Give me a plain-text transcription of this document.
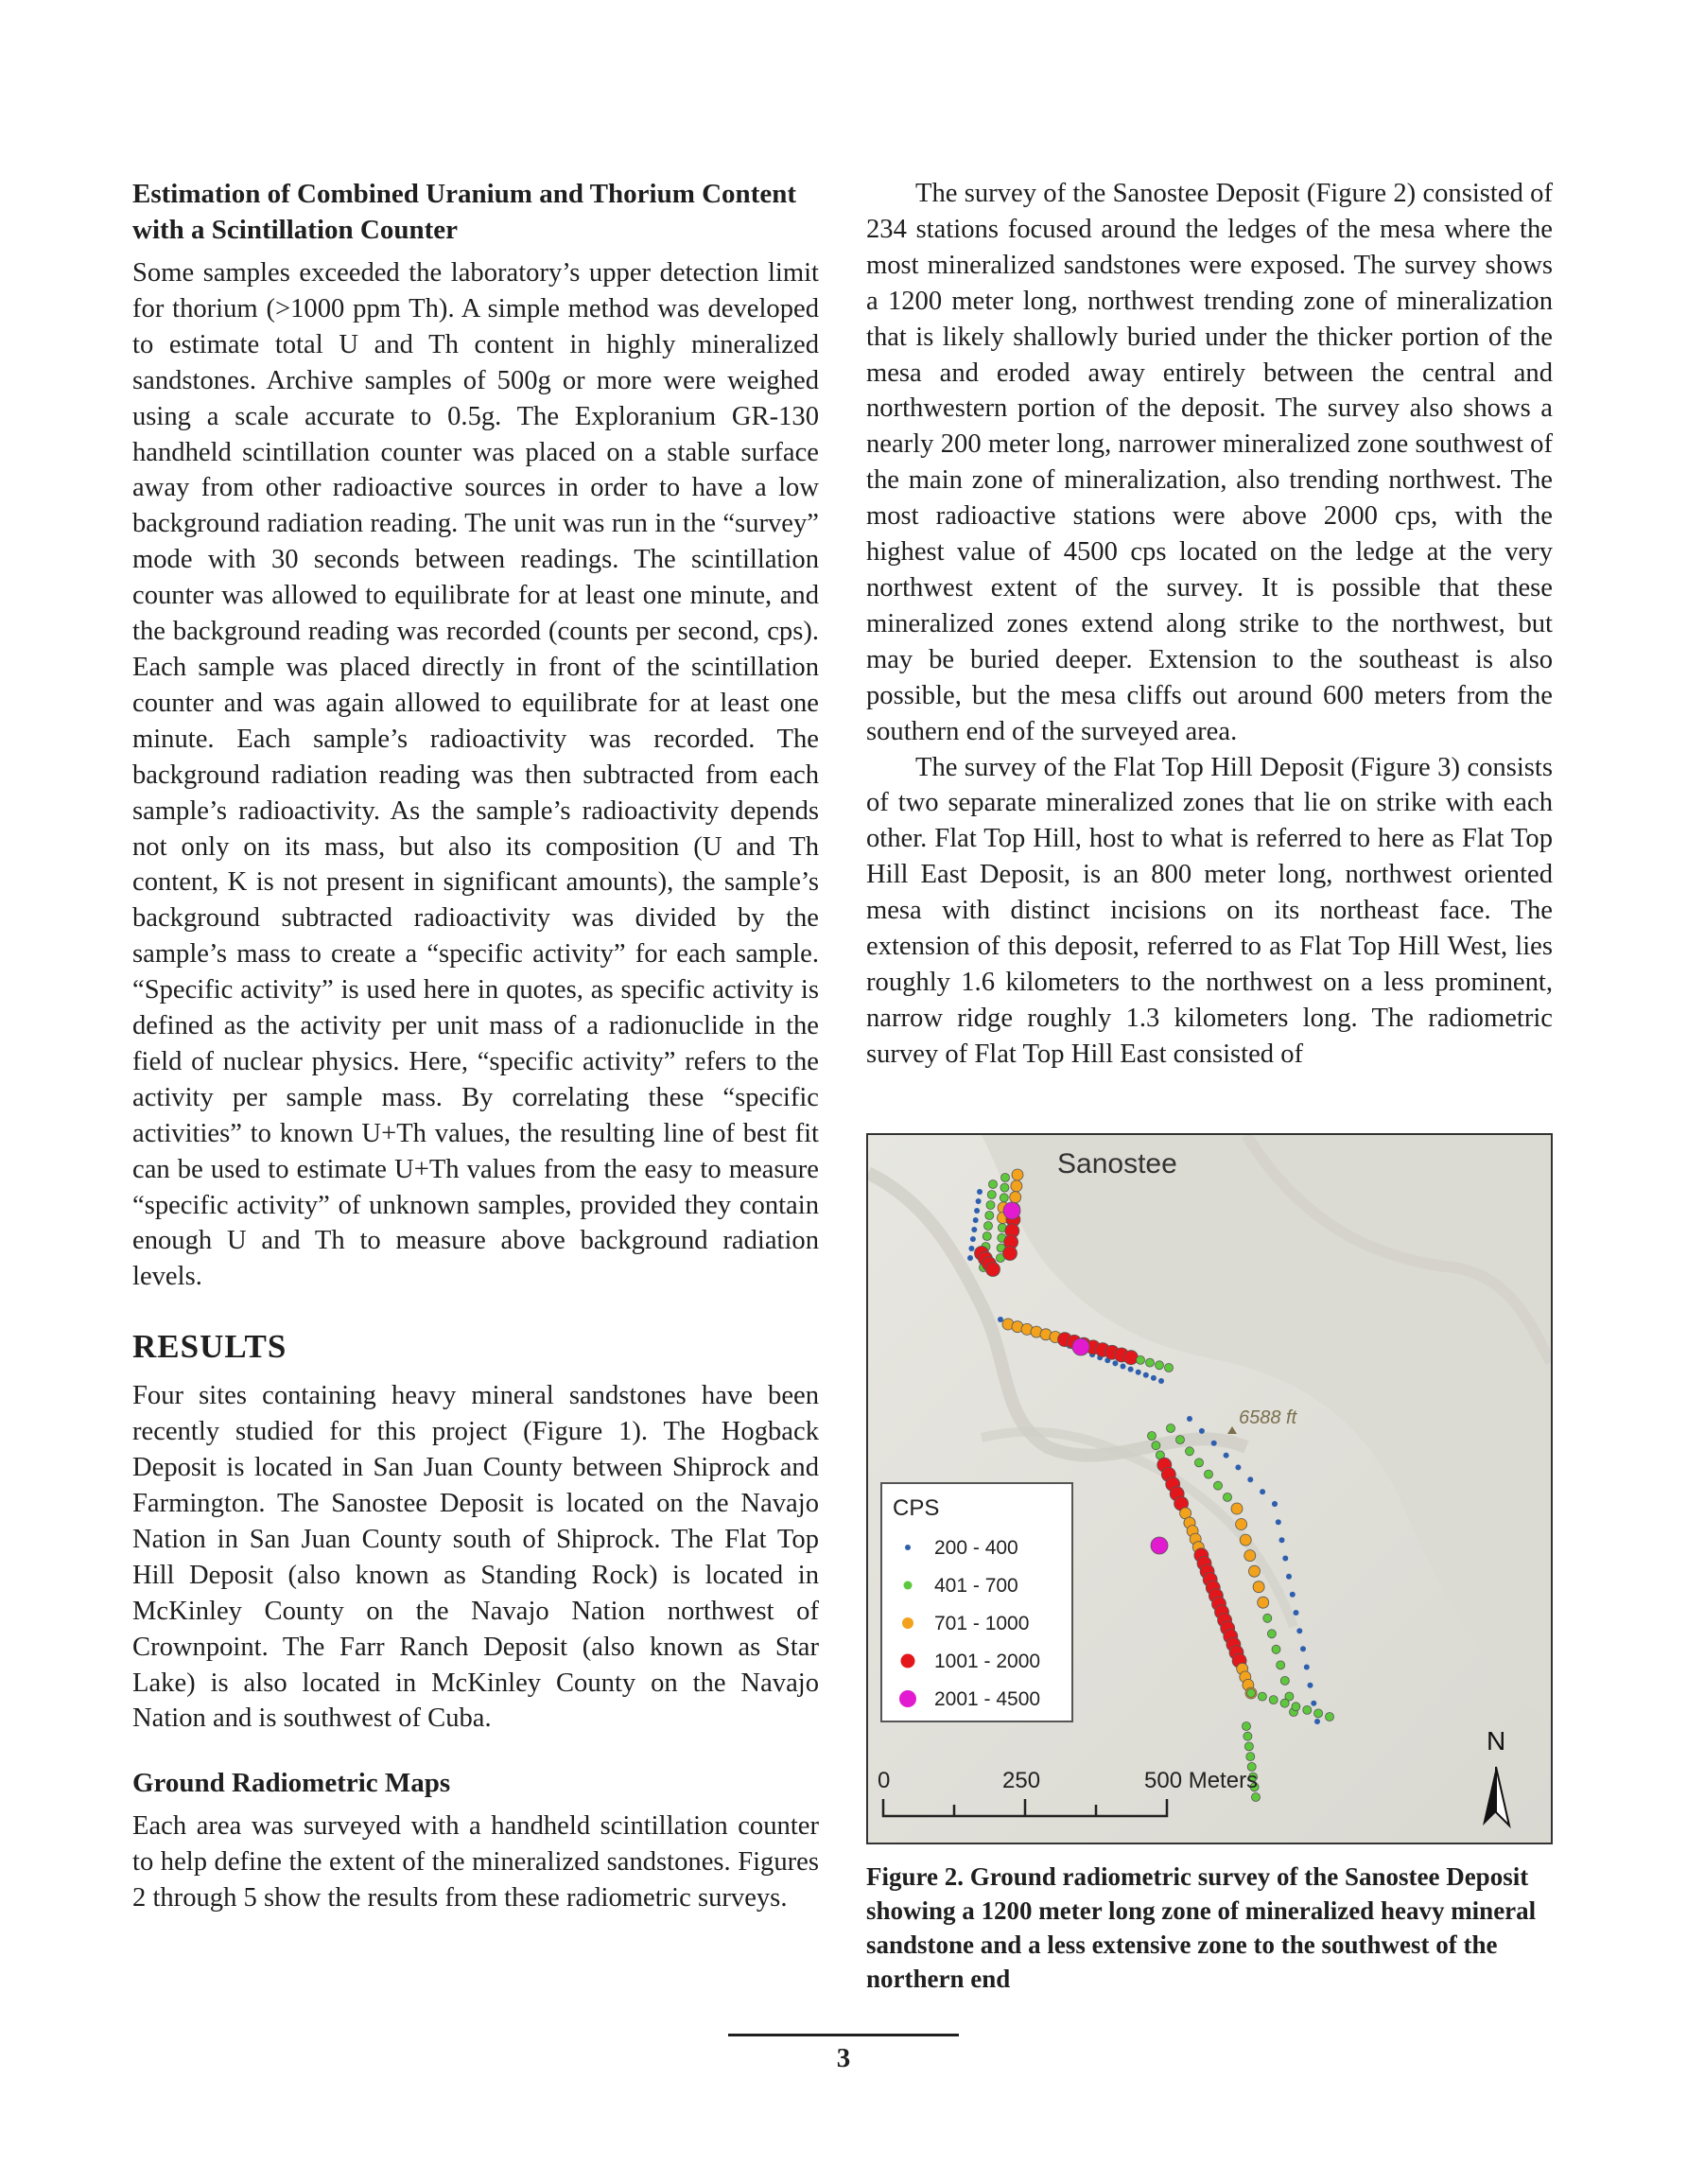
Estimation of Combined Uranium and Thorium Content with a Scintillation Counter

Some samples exceeded the laboratory’s upper detection limit for thorium (>1000 ppm Th). A simple method was developed to estimate total U and Th content in highly mineralized sandstones. Archive samples of 500g or more were weighed using a scale accurate to 0.5g. The Exploranium GR-130 handheld scintillation counter was placed on a stable surface away from other radioactive sources in order to have a low background radiation reading. The unit was run in the “survey” mode with 30 seconds between readings. The scintillation counter was allowed to equilibrate for at least one minute, and the background reading was recorded (counts per second, cps). Each sample was placed directly in front of the scintillation counter and was again allowed to equilibrate for at least one minute. Each sample’s radioactivity was recorded. The background radiation reading was then subtracted from each sample’s radioactivity. As the sample’s radioactivity depends not only on its mass, but also its composition (U and Th content, K is not present in significant amounts), the sample’s background subtracted radioactivity was divided by the sample’s mass to create a “specific activity” for each sample. “Specific activity” is used here in quotes, as specific activity is defined as the activity per unit mass of a radionuclide in the field of nuclear physics. Here, “specific activity” refers to the activity per sample mass. By correlating these “specific activities” to known U+Th values, the resulting line of best fit can be used to estimate U+Th values from the easy to measure “specific activity” of unknown samples, provided they contain enough U and Th to measure above background radiation levels.

RESULTS

Four sites containing heavy mineral sandstones have been recently studied for this project (Figure 1). The Hogback Deposit is located in San Juan County between Shiprock and Farmington. The Sanostee Deposit is located on the Navajo Nation in San Juan County south of Shiprock. The Flat Top Hill Deposit (also known as Standing Rock) is located in McKinley County on the Navajo Nation northwest of Crownpoint. The Farr Ranch Deposit (also known as Star Lake) is also located in McKinley County on the Navajo Nation and is southwest of Cuba.

Ground Radiometric Maps

Each area was surveyed with a handheld scintillation counter to help define the extent of the mineralized sandstones. Figures 2 through 5 show the results from these radiometric surveys.

The survey of the Sanostee Deposit (Figure 2) consisted of 234 stations focused around the ledges of the mesa where the most mineralized sandstones were exposed. The survey shows a 1200 meter long, northwest trending zone of mineralization that is likely shallowly buried under the thicker portion of the mesa and eroded away entirely between the central and northwestern portion of the deposit. The survey also shows a nearly 200 meter long, narrower mineralized zone southwest of the main zone of mineralization, also trending northwest. The most radioactive stations were above 2000 cps, with the highest value of 4500 cps located on the ledge at the very northwest extent of the survey. It is possible that these mineralized zones extend along strike to the northwest, but may be buried deeper. Extension to the southeast is also possible, but the mesa cliffs out around 600 meters from the southern end of the surveyed area.

The survey of the Flat Top Hill Deposit (Figure 3) consists of two separate mineralized zones that lie on strike with each other. Flat Top Hill, host to what is referred to here as Flat Top Hill East Deposit, is an 800 meter long, northwest oriented mesa with distinct incisions on its northeast face. The extension of this deposit, referred to as Flat Top Hill West, lies roughly 1.6 kilometers to the northwest on a less prominent, narrow ridge roughly 1.3 kilometers long. The radiometric survey of Flat Top Hill East consisted of

Sanostee
6588 ft
CPS
200 - 400
401 - 700
701 - 1000
1001 - 2000
2001 - 4500
0	250	500 Meters
N
Figure 2. Ground radiometric survey of the Sanostee Deposit showing a 1200 meter long zone of mineralized heavy mineral sandstone and a less extensive zone to the southwest of the northern end
3
